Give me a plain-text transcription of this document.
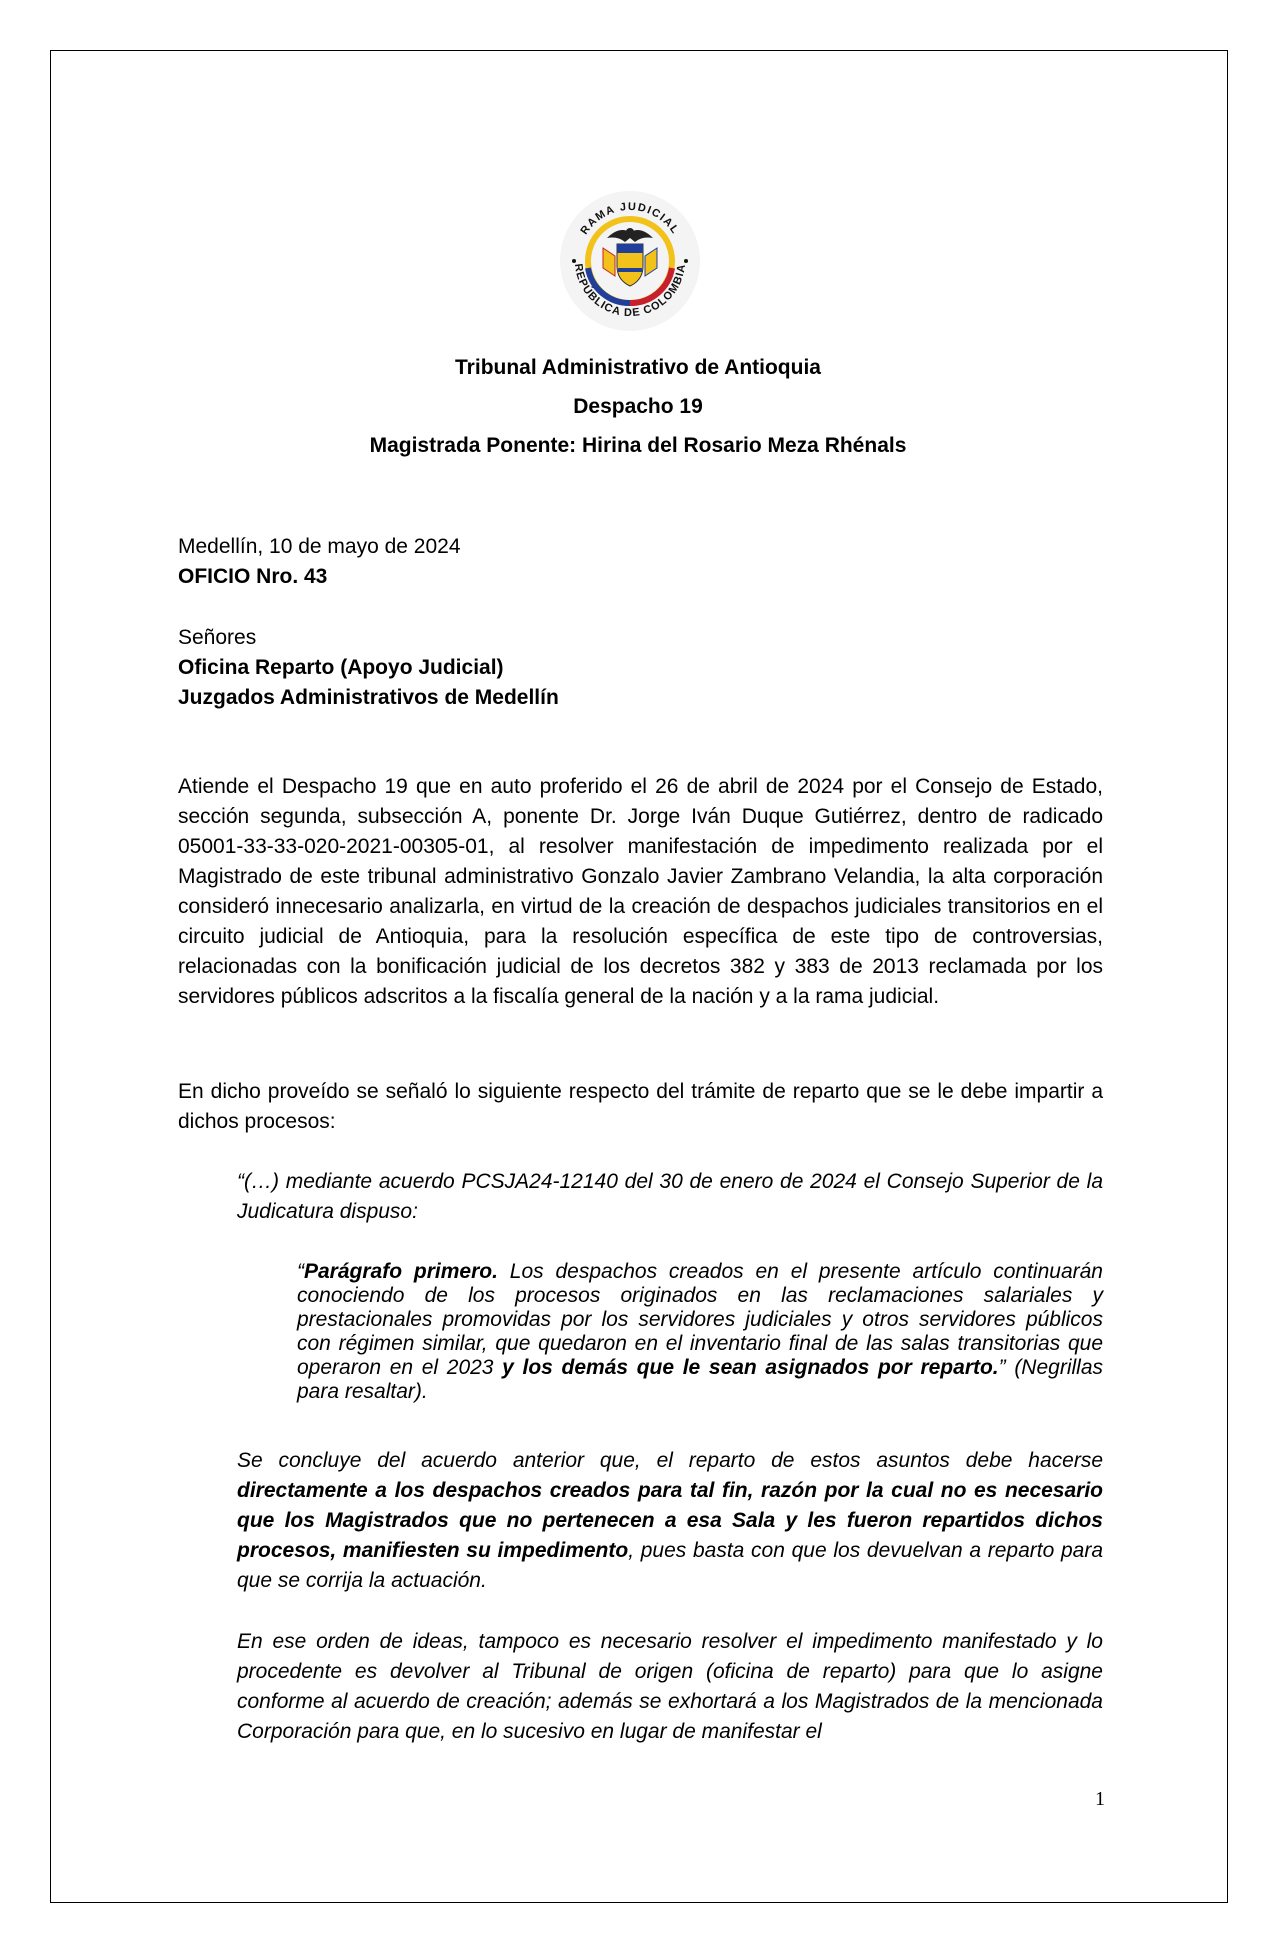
RAMA JUDICIAL
REPÚBLICA DE COLOMBIA
Tribunal Administrativo de Antioquia
Despacho 19
Magistrada Ponente: Hirina del Rosario Meza Rhénals
Medellín, 10 de mayo de 2024
OFICIO Nro. 43
Señores
Oficina Reparto (Apoyo Judicial)
Juzgados Administrativos de Medellín
Atiende el Despacho 19 que en auto proferido el 26 de abril de 2024 por el Consejo de Estado, sección segunda, subsección A, ponente Dr. Jorge Iván Duque Gutiérrez, dentro de radicado 05001-33-33-020-2021-00305-01, al resolver manifestación de impedimento realizada por el Magistrado de este tribunal administrativo Gonzalo Javier Zambrano Velandia, la alta corporación consideró innecesario analizarla, en virtud de la creación de despachos judiciales transitorios en el circuito judicial de Antioquia, para la resolución específica de este tipo de controversias, relacionadas con la bonificación judicial de los decretos 382 y 383 de 2013 reclamada por los servidores públicos adscritos a la fiscalía general de la nación y a la rama judicial.
En dicho proveído se señaló lo siguiente respecto del trámite de reparto que se le debe impartir a dichos procesos:
“(…) mediante acuerdo PCSJA24-12140 del 30 de enero de 2024 el Consejo Superior de la Judicatura dispuso:
“Parágrafo primero. Los despachos creados en el presente artículo continuarán conociendo de los procesos originados en las reclamaciones salariales y prestacionales promovidas por los servidores judiciales y otros servidores públicos con régimen similar, que quedaron en el inventario final de las salas transitorias que operaron en el 2023 y los demás que le sean asignados por reparto.” (Negrillas para resaltar).
Se concluye del acuerdo anterior que, el reparto de estos asuntos debe hacerse directamente a los despachos creados para tal fin, razón por la cual no es necesario que los Magistrados que no pertenecen a esa Sala y les fueron repartidos dichos procesos, manifiesten su impedimento, pues basta con que los devuelvan a reparto para que se corrija la actuación.
En ese orden de ideas, tampoco es necesario resolver el impedimento manifestado y lo procedente es devolver al Tribunal de origen (oficina de reparto) para que lo asigne conforme al acuerdo de creación; además se exhortará a los Magistrados de la mencionada Corporación para que, en lo sucesivo en lugar de manifestar el
1
